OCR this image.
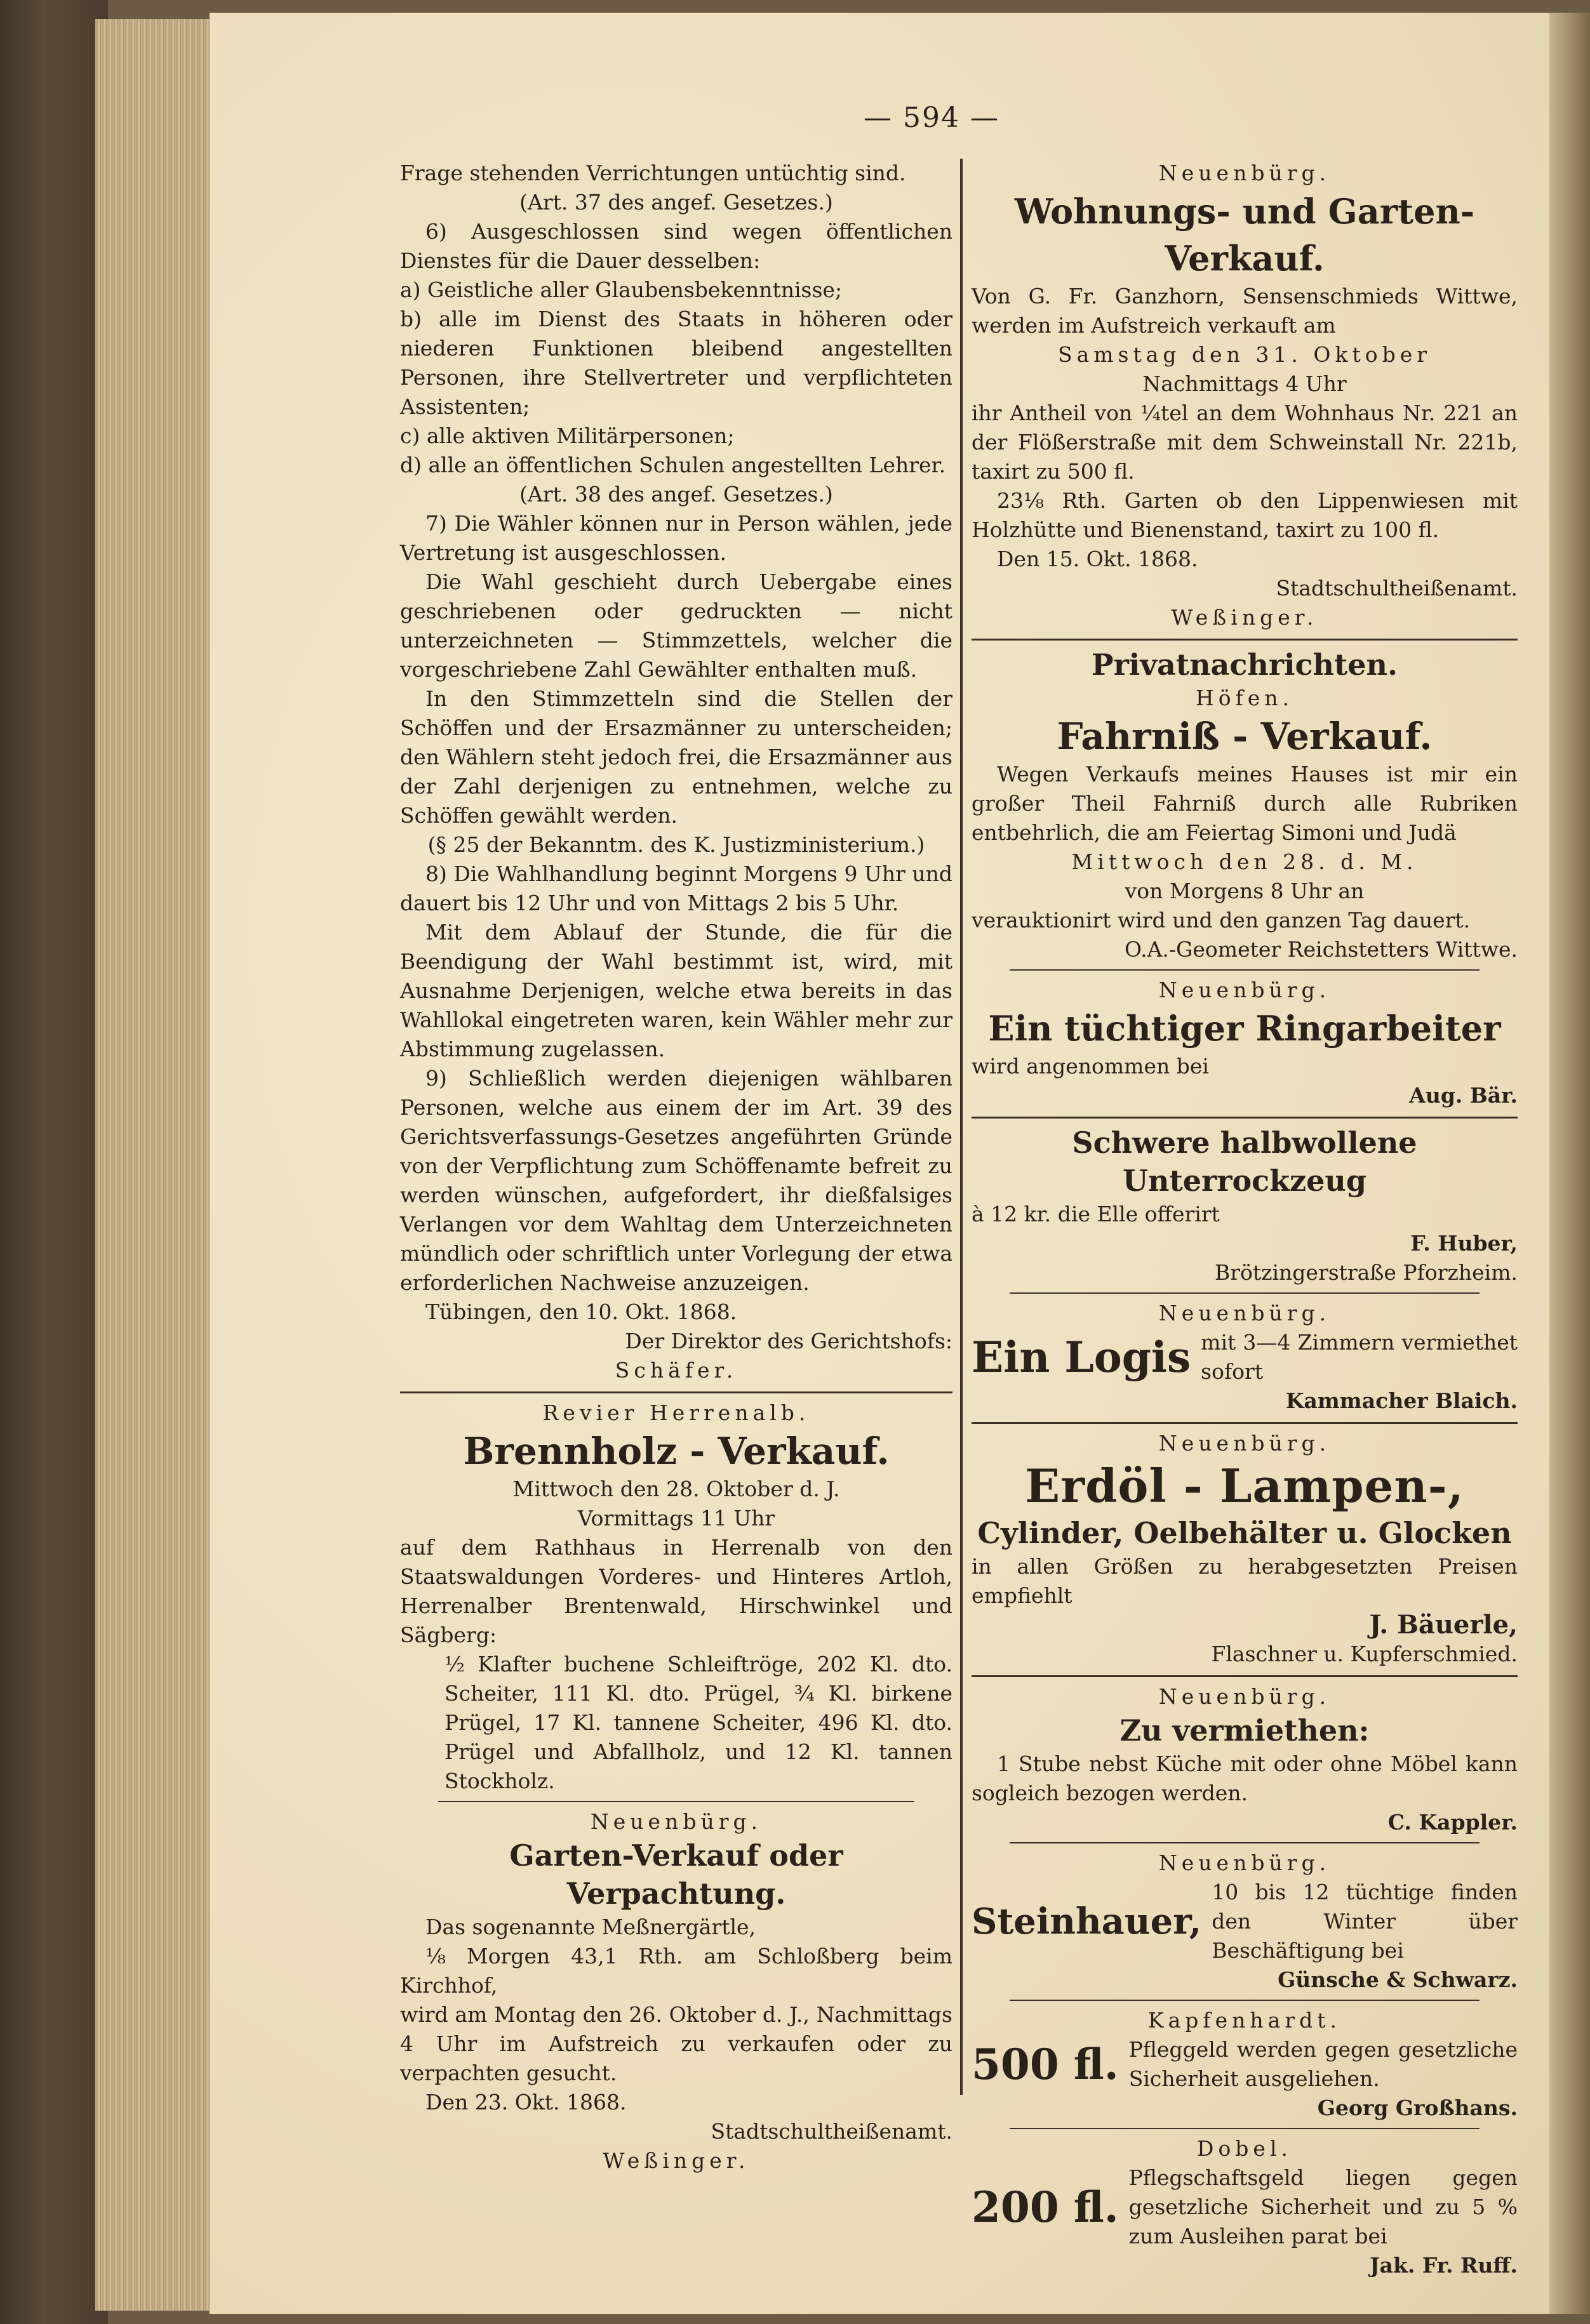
— 594 —

Frage stehenden Verrichtungen untüchtig sind.

(Art. 37 des angef. Gesetzes.)

6) Ausgeschlossen sind wegen öffentlichen Dienstes für die Dauer desselben:

a) Geistliche aller Glaubensbekenntnisse;

b) alle im Dienst des Staats in höheren oder niederen Funktionen bleibend angestellten Personen, ihre Stellvertreter und verpflichteten Assistenten;

c) alle aktiven Militärpersonen;

d) alle an öffentlichen Schulen angestellten Lehrer.

(Art. 38 des angef. Gesetzes.)

7) Die Wähler können nur in Person wählen, jede Vertretung ist ausgeschlossen.

Die Wahl geschieht durch Uebergabe eines geschriebenen oder gedruckten — nicht unterzeichneten — Stimmzettels, welcher die vorgeschriebene Zahl Gewählter enthalten muß.

In den Stimmzetteln sind die Stellen der Schöffen und der Ersazmänner zu unterscheiden; den Wählern steht jedoch frei, die Ersazmänner aus der Zahl derjenigen zu entnehmen, welche zu Schöffen gewählt werden.

(§ 25 der Bekanntm. des K. Justizministerium.)

8) Die Wahlhandlung beginnt Morgens 9 Uhr und dauert bis 12 Uhr und von Mittags 2 bis 5 Uhr.

Mit dem Ablauf der Stunde, die für die Beendigung der Wahl bestimmt ist, wird, mit Ausnahme Derjenigen, welche etwa bereits in das Wahllokal eingetreten waren, kein Wähler mehr zur Abstimmung zugelassen.

9) Schließlich werden diejenigen wählbaren Personen, welche aus einem der im Art. 39 des Gerichtsverfassungs-Gesetzes angeführten Gründe von der Verpflichtung zum Schöffenamte befreit zu werden wünschen, aufgefordert, ihr dießfalsiges Verlangen vor dem Wahltag dem Unterzeichneten mündlich oder schriftlich unter Vorlegung der etwa erforderlichen Nachweise anzuzeigen.

Tübingen, den 10. Okt. 1868.

Der Direktor des Gerichtshofs:

Schäfer.

Revier Herrenalb.

Brennholz - Verkauf.

Mittwoch den 28. Oktober d. J.

Vormittags 11 Uhr

auf dem Rathhaus in Herrenalb von den Staatswaldungen Vorderes- und Hinteres Artloh, Herrenalber Brentenwald, Hirschwinkel und Sägberg:

½ Klafter buchene Schleiftröge, 202 Kl. dto. Scheiter, 111 Kl. dto. Prügel, ¾ Kl. birkene Prügel, 17 Kl. tannene Scheiter, 496 Kl. dto. Prügel und Abfallholz, und 12 Kl. tannen Stockholz.

Neuenbürg.

Garten-Verkauf oder Verpachtung.

Das sogenannte Meßnergärtle,

⅛ Morgen 43,1 Rth. am Schloßberg beim Kirchhof,

wird am Montag den 26. Oktober d. J., Nachmittags 4 Uhr im Aufstreich zu verkaufen oder zu verpachten gesucht.

Den 23. Okt. 1868.

Stadtschultheißenamt.

Weßinger.

Neuenbürg.

Wohnungs- und Garten-Verkauf.

Von G. Fr. Ganzhorn, Sensenschmieds Wittwe, werden im Aufstreich verkauft am

Samstag den 31. Oktober

Nachmittags 4 Uhr

ihr Antheil von ¼tel an dem Wohnhaus Nr. 221 an der Flößerstraße mit dem Schweinstall Nr. 221b, taxirt zu 500 fl.

23⅛ Rth. Garten ob den Lippenwiesen mit Holzhütte und Bienenstand, taxirt zu 100 fl.

Den 15. Okt. 1868.

Stadtschultheißenamt.

Weßinger.

Privatnachrichten.

Höfen.

Fahrniß - Verkauf.

Wegen Verkaufs meines Hauses ist mir ein großer Theil Fahrniß durch alle Rubriken entbehrlich, die am Feiertag Simoni und Judä

Mittwoch den 28. d. M.

von Morgens 8 Uhr an

verauktionirt wird und den ganzen Tag dauert.

O.A.-Geometer Reichstetters Wittwe.

Neuenbürg.

Ein tüchtiger Ringarbeiter

wird angenommen bei

Aug. Bär.

Schwere halbwollene Unterrockzeug

à 12 kr. die Elle offerirt

F. Huber,

Brötzingerstraße Pforzheim.

Neuenbürg.

Ein Logis mit 3—4 Zimmern vermiethet sofort

Kammacher Blaich.

Neuenbürg.

Erdöl - Lampen-,

Cylinder, Oelbehälter u. Glocken

in allen Größen zu herabgesetzten Preisen empfiehlt

J. Bäuerle,

Flaschner u. Kupferschmied.

Neuenbürg.

Zu vermiethen:

1 Stube nebst Küche mit oder ohne Möbel kann sogleich bezogen werden.

C. Kappler.

Neuenbürg.

Steinhauer,
10 bis 12 tüchtige finden den Winter über Beschäftigung bei

Günsche & Schwarz.

Kapfenhardt.

500 fl. Pfleggeld werden gegen gesetzliche Sicherheit ausgeliehen.

Georg Großhans.

Dobel.

200 fl.
Pflegschaftsgeld liegen gegen gesetzliche Sicherheit und zu 5 % zum Ausleihen parat bei

Jak. Fr. Ruff.
